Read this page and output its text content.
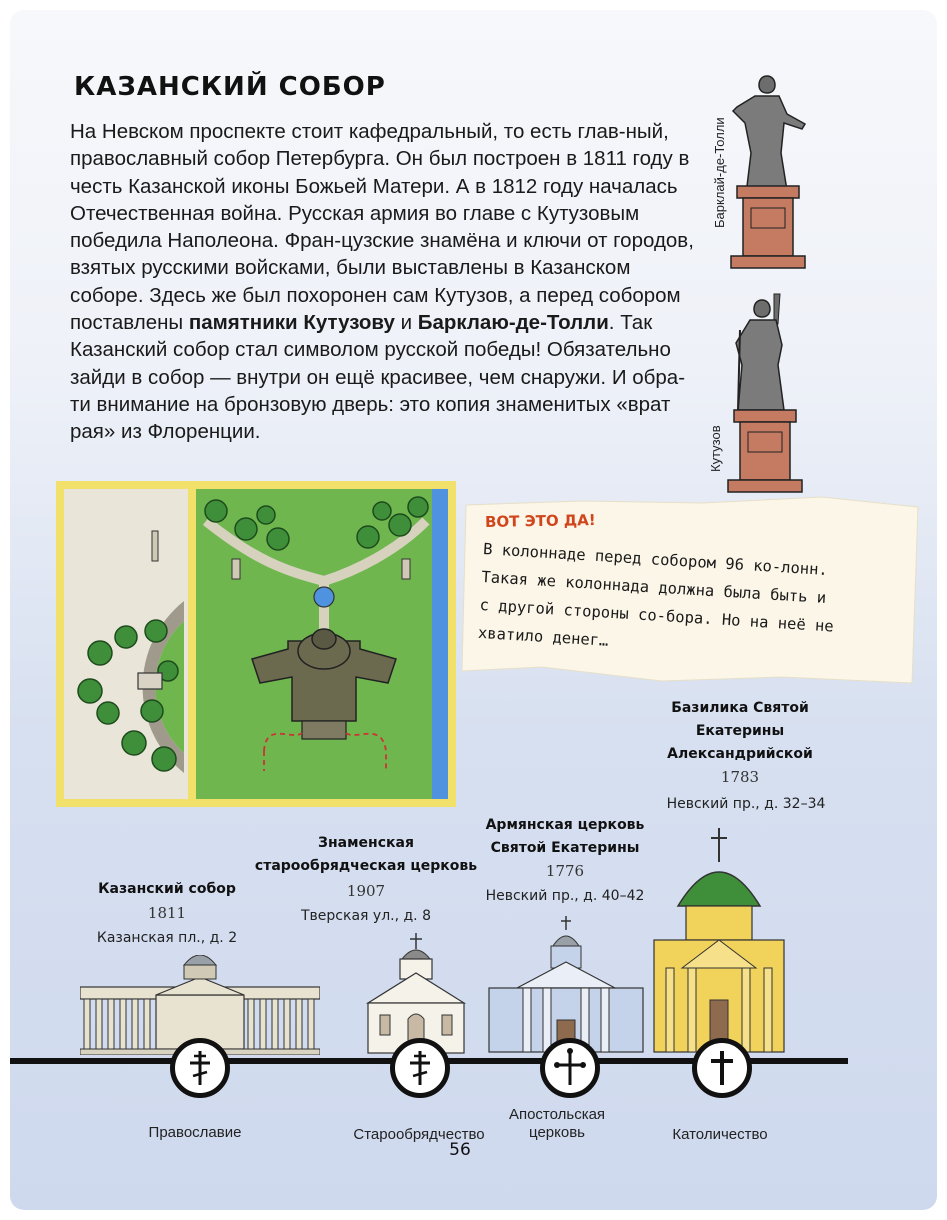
КАЗАНСКИЙ СОБОР
На Невском проспекте стоит кафедральный, то есть глав-ный, православный собор Петербурга. Он был построен в 1811 году в честь Казанской иконы Божьей Матери. А в 1812 году началась Отечественная война. Русская армия во главе с Кутузовым победила Наполеона. Фран-цузские знамёна и ключи от городов, взятых русскими войсками, были выставлены в Казанском соборе. Здесь же был похоронен сам Кутузов, а перед собором поставлены памятники Кутузову и Барклаю-де-Толли. Так Казанский собор стал символом русской победы! Обязательно зайди в собор — внутри он ещё красивее, чем снаружи. И обра-ти внимание на бронзовую дверь: это копия знаменитых «врат рая» из Флоренции.
Барклай-де-Толли
Кутузов
ВОТ ЭТО ДА!
В колоннаде перед собором 96 ко-лонн. Такая же колоннада должна была быть и с другой стороны со-бора. Но на неё не хватило денег…
Казанский собор
1811
Казанская пл., д. 2
Знаменская старообрядческая церковь
1907
Тверская ул., д. 8
Армянская церковь Святой Екатерины
1776
Невский пр., д. 40–42
Базилика Святой Екатерины Александрийской
1783
Невский пр., д. 32–34
Православие	Старообрядчество
Апостольская церковь	Католичество
56
